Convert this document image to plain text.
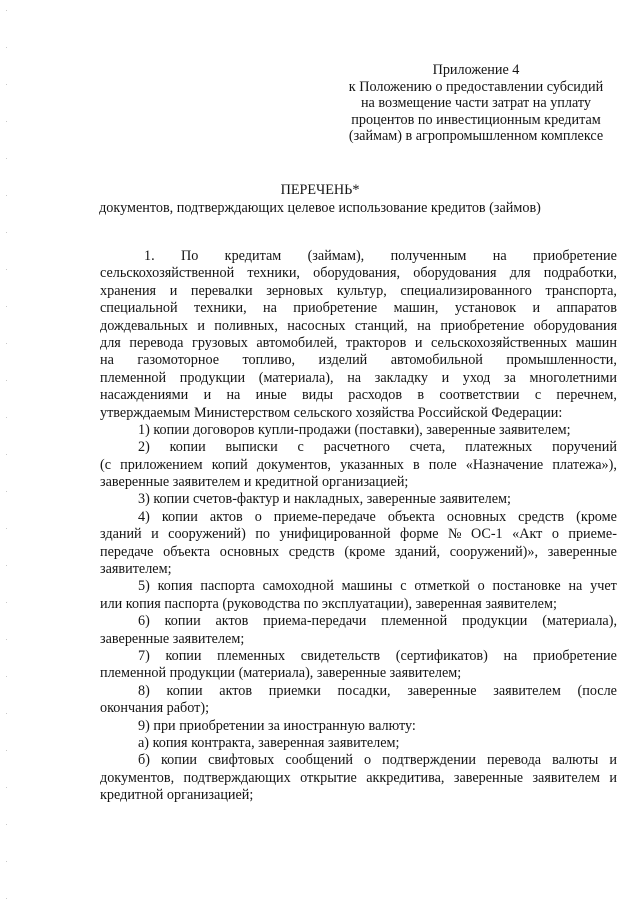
Приложение 4
к Положению о предоставлении субсидий
на возмещение части затрат на уплату
процентов по инвестиционным кредитам
(займам) в агропромышленном комплексе
ПЕРЕЧЕНЬ*
документов, подтверждающих целевое использование кредитов (займов)
1. По кредитам (займам), полученным на приобретение
сельскохозяйственной техники, оборудования, оборудования для подработки,
хранения и перевалки зерновых культур, специализированного транспорта,
специальной техники, на приобретение машин, установок и аппаратов
дождевальных и поливных, насосных станций, на приобретение оборудования
для перевода грузовых автомобилей, тракторов и сельскохозяйственных машин
на газомоторное топливо, изделий автомобильной промышленности,
племенной продукции (материала), на закладку и уход за многолетними
насаждениями и на иные виды расходов в соответствии с перечнем,
утверждаемым Министерством сельского хозяйства Российской Федерации:
1) копии договоров купли-продажи (поставки), заверенные заявителем;
2) копии выписки с расчетного счета, платежных поручений
(с приложением копий документов, указанных в поле «Назначение платежа»),
заверенные заявителем и кредитной организацией;
3) копии счетов-фактур и накладных, заверенные заявителем;
4) копии актов о приеме-передаче объекта основных средств (кроме
зданий и сооружений) по унифицированной форме № ОС-1 «Акт о приеме-
передаче объекта основных средств (кроме зданий, сооружений)», заверенные
заявителем;
5) копия паспорта самоходной машины с отметкой о постановке на учет
или копия паспорта (руководства по эксплуатации), заверенная заявителем;
6) копии актов приема-передачи племенной продукции (материала),
заверенные заявителем;
7) копии племенных свидетельств (сертификатов) на приобретение
племенной продукции (материала), заверенные заявителем;
8) копии актов приемки посадки, заверенные заявителем (после
окончания работ);
9) при приобретении за иностранную валюту:
а) копия контракта, заверенная заявителем;
б) копии свифтовых сообщений о подтверждении перевода валюты и
документов, подтверждающих открытие аккредитива, заверенные заявителем и
кредитной организацией;
